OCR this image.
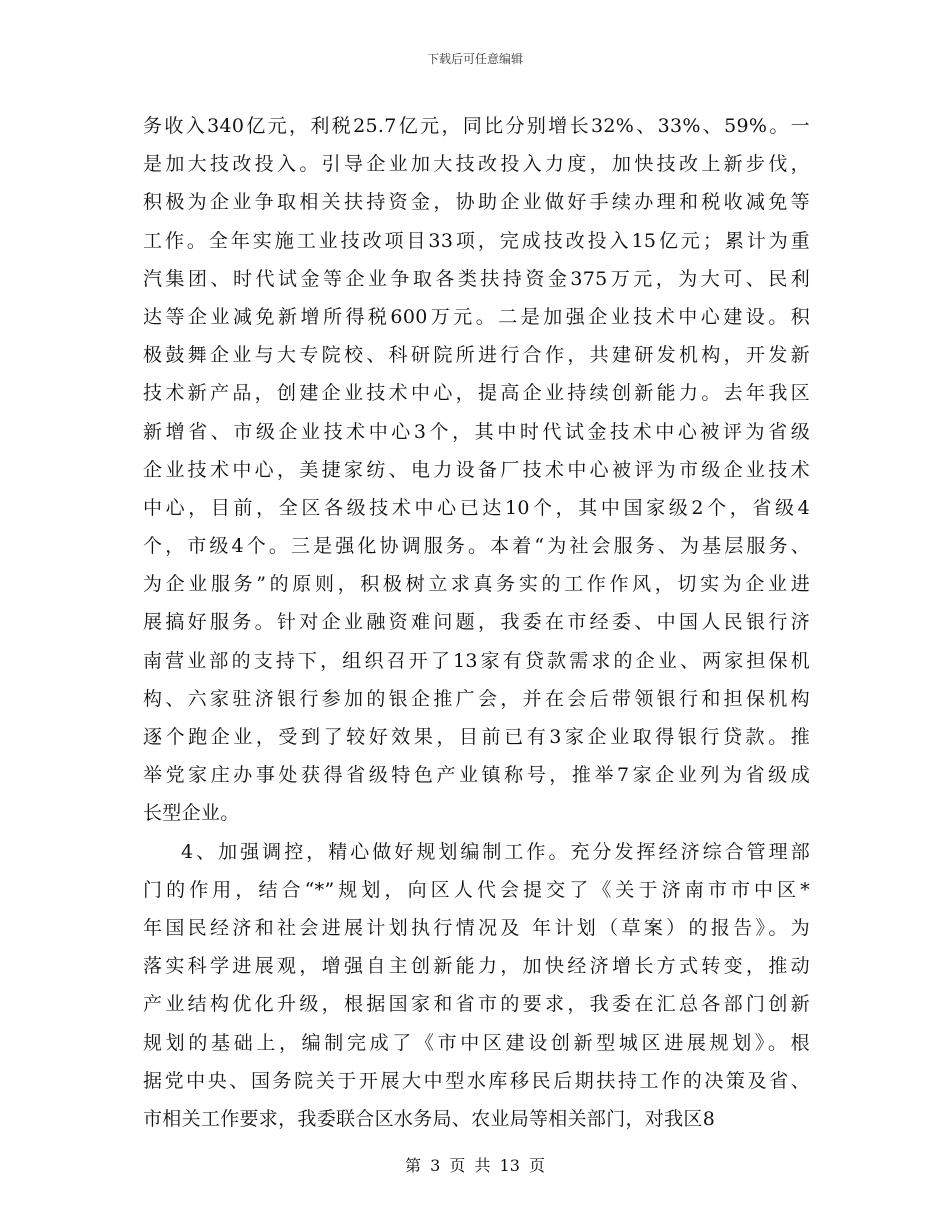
下载后可任意编辑
务收入340亿元，利税25.7亿元，同比分别增长32%、33%、59%。一
是加大技改投入。引导企业加大技改投入力度，加快技改上新步伐，
积极为企业争取相关扶持资金，协助企业做好手续办理和税收减免等
工作。全年实施工业技改项目33项，完成技改投入15亿元；累计为重
汽集团、时代试金等企业争取各类扶持资金375万元，为大可、民利
达等企业减免新增所得税600万元。二是加强企业技术中心建设。积
极鼓舞企业与大专院校、科研院所进行合作，共建研发机构，开发新
技术新产品，创建企业技术中心，提高企业持续创新能力。去年我区
新增省、市级企业技术中心3个，其中时代试金技术中心被评为省级
企业技术中心，美捷家纺、电力设备厂技术中心被评为市级企业技术
中心，目前，全区各级技术中心已达10个，其中国家级2个，省级4
个，市级4个。三是强化协调服务。本着“为社会服务、为基层服务、
为企业服务”的原则，积极树立求真务实的工作作风，切实为企业进
展搞好服务。针对企业融资难问题，我委在市经委、中国人民银行济
南营业部的支持下，组织召开了13家有贷款需求的企业、两家担保机
构、六家驻济银行参加的银企推广会，并在会后带领银行和担保机构
逐个跑企业，受到了较好效果，目前已有3家企业取得银行贷款。推
举党家庄办事处获得省级特色产业镇称号，推举7家企业列为省级成
长型企业。
4、加强调控，精心做好规划编制工作。充分发挥经济综合管理部
门的作用，结合“*”规划，向区人代会提交了《关于济南市市中区*
年国民经济和社会进展计划执行情况及 年计划（草案）的报告》。为
落实科学进展观，增强自主创新能力，加快经济增长方式转变，推动
产业结构优化升级，根据国家和省市的要求，我委在汇总各部门创新
规划的基础上，编制完成了《市中区建设创新型城区进展规划》。根
据党中央、国务院关于开展大中型水库移民后期扶持工作的决策及省、
市相关工作要求，我委联合区水务局、农业局等相关部门，对我区8
第 3 页 共 13 页
